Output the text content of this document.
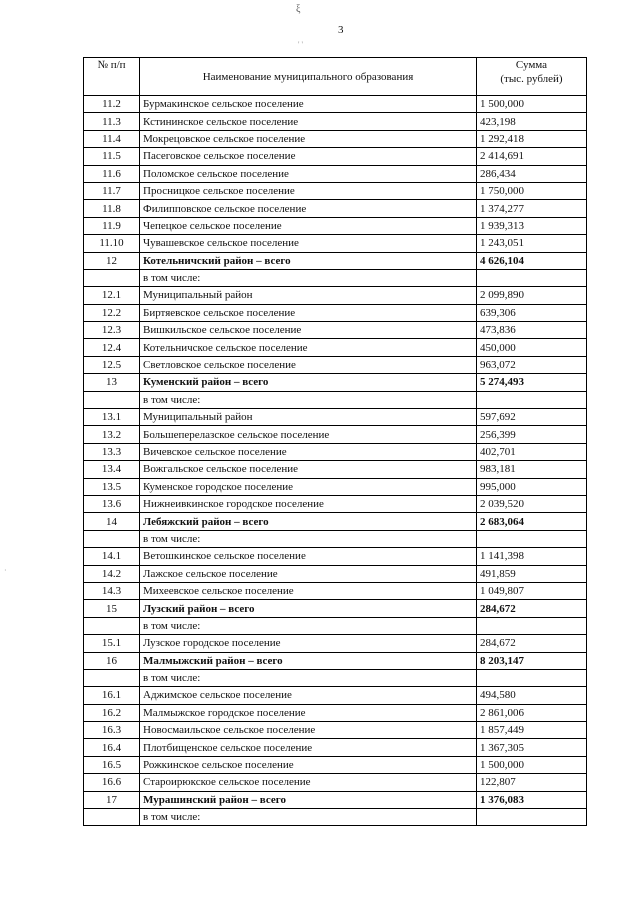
ξ
' '
·
3
№ п/п	Наименование муниципального образования	Сумма
(тыс. рублей)

11.2	Бурмакинское сельское поселение	1 500,000
11.3	Кстининское сельское поселение	423,198
11.4	Мокрецовское сельское поселение	1 292,418
11.5	Пасеговское сельское поселение	2 414,691
11.6	Поломское сельское поселение	286,434
11.7	Просницкое сельское поселение	1 750,000
11.8	Филипповское сельское поселение	1 374,277
11.9	Чепецкое сельское поселение	1 939,313
11.10	Чувашевское сельское поселение	1 243,051
12	Котельничский район – всего	4 626,104
	в том числе:	
12.1	Муниципальный район	2 099,890
12.2	Биртяевское сельское поселение	639,306
12.3	Вишкильское сельское поселение	473,836
12.4	Котельничское сельское поселение	450,000
12.5	Светловское сельское поселение	963,072
13	Куменский район – всего	5 274,493
	в том числе:	
13.1	Муниципальный район	597,692
13.2	Большеперелазское сельское поселение	256,399
13.3	Вичевское сельское поселение	402,701
13.4	Вожгальское сельское поселение	983,181
13.5	Куменское городское поселение	995,000
13.6	Нижнеивкинское городское поселение	2 039,520
14	Лебяжский район – всего	2 683,064
	в том числе:	
14.1	Ветошкинское сельское поселение	1 141,398
14.2	Лажское сельское поселение	491,859
14.3	Михеевское сельское поселение	1 049,807
15	Лузский район – всего	284,672
	в том числе:	
15.1	Лузское городское поселение	284,672
16	Малмыжский район – всего	8 203,147
	в том числе:	
16.1	Аджимское сельское поселение	494,580
16.2	Малмыжское городское поселение	2 861,006
16.3	Новосмаильское сельское поселение	1 857,449
16.4	Плотбищенское сельское поселение	1 367,305
16.5	Рожкинское сельское поселение	1 500,000
16.6	Староирюкское сельское поселение	122,807
17	Мурашинский район – всего	1 376,083
	в том числе:	
